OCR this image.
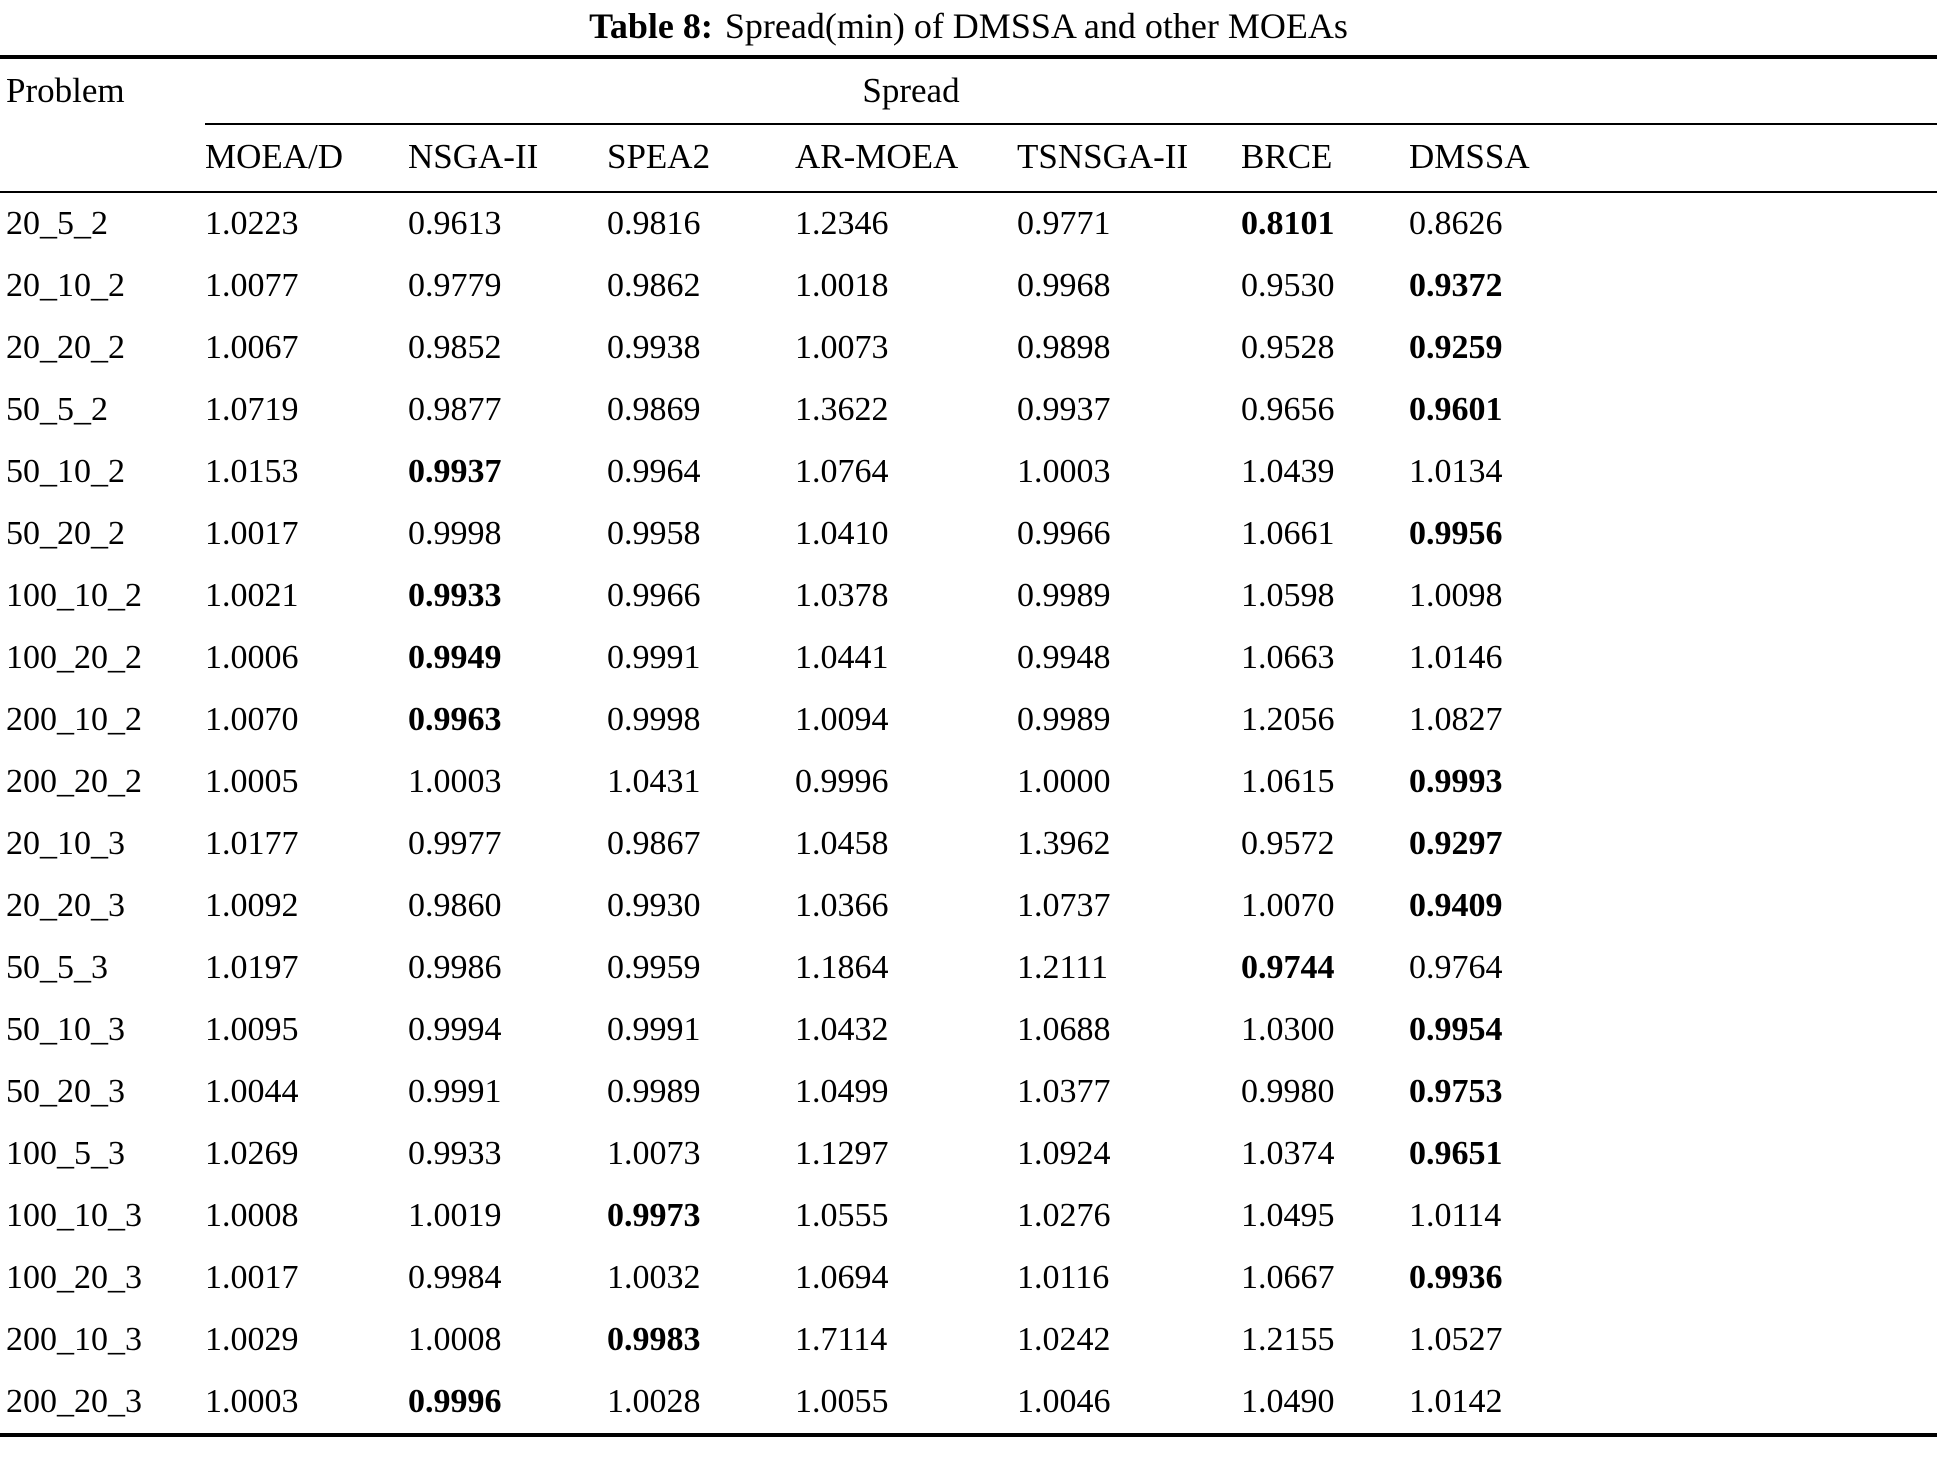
Table 8: Spread(min) of DMSSA and other MOEAs
Problem	Spread						
	MOEA/D	NSGA-II	SPEA2	AR-MOEA	TSNSGA-II	BRCE	DMSSA
20_5_2	1.0223	0.9613	0.9816	1.2346	0.9771	0.8101	0.8626
20_10_2	1.0077	0.9779	0.9862	1.0018	0.9968	0.9530	0.9372
20_20_2	1.0067	0.9852	0.9938	1.0073	0.9898	0.9528	0.9259
50_5_2	1.0719	0.9877	0.9869	1.3622	0.9937	0.9656	0.9601
50_10_2	1.0153	0.9937	0.9964	1.0764	1.0003	1.0439	1.0134
50_20_2	1.0017	0.9998	0.9958	1.0410	0.9966	1.0661	0.9956
100_10_2	1.0021	0.9933	0.9966	1.0378	0.9989	1.0598	1.0098
100_20_2	1.0006	0.9949	0.9991	1.0441	0.9948	1.0663	1.0146
200_10_2	1.0070	0.9963	0.9998	1.0094	0.9989	1.2056	1.0827
200_20_2	1.0005	1.0003	1.0431	0.9996	1.0000	1.0615	0.9993
20_10_3	1.0177	0.9977	0.9867	1.0458	1.3962	0.9572	0.9297
20_20_3	1.0092	0.9860	0.9930	1.0366	1.0737	1.0070	0.9409
50_5_3	1.0197	0.9986	0.9959	1.1864	1.2111	0.9744	0.9764
50_10_3	1.0095	0.9994	0.9991	1.0432	1.0688	1.0300	0.9954
50_20_3	1.0044	0.9991	0.9989	1.0499	1.0377	0.9980	0.9753
100_5_3	1.0269	0.9933	1.0073	1.1297	1.0924	1.0374	0.9651
100_10_3	1.0008	1.0019	0.9973	1.0555	1.0276	1.0495	1.0114
100_20_3	1.0017	0.9984	1.0032	1.0694	1.0116	1.0667	0.9936
200_10_3	1.0029	1.0008	0.9983	1.7114	1.0242	1.2155	1.0527
200_20_3	1.0003	0.9996	1.0028	1.0055	1.0046	1.0490	1.0142
